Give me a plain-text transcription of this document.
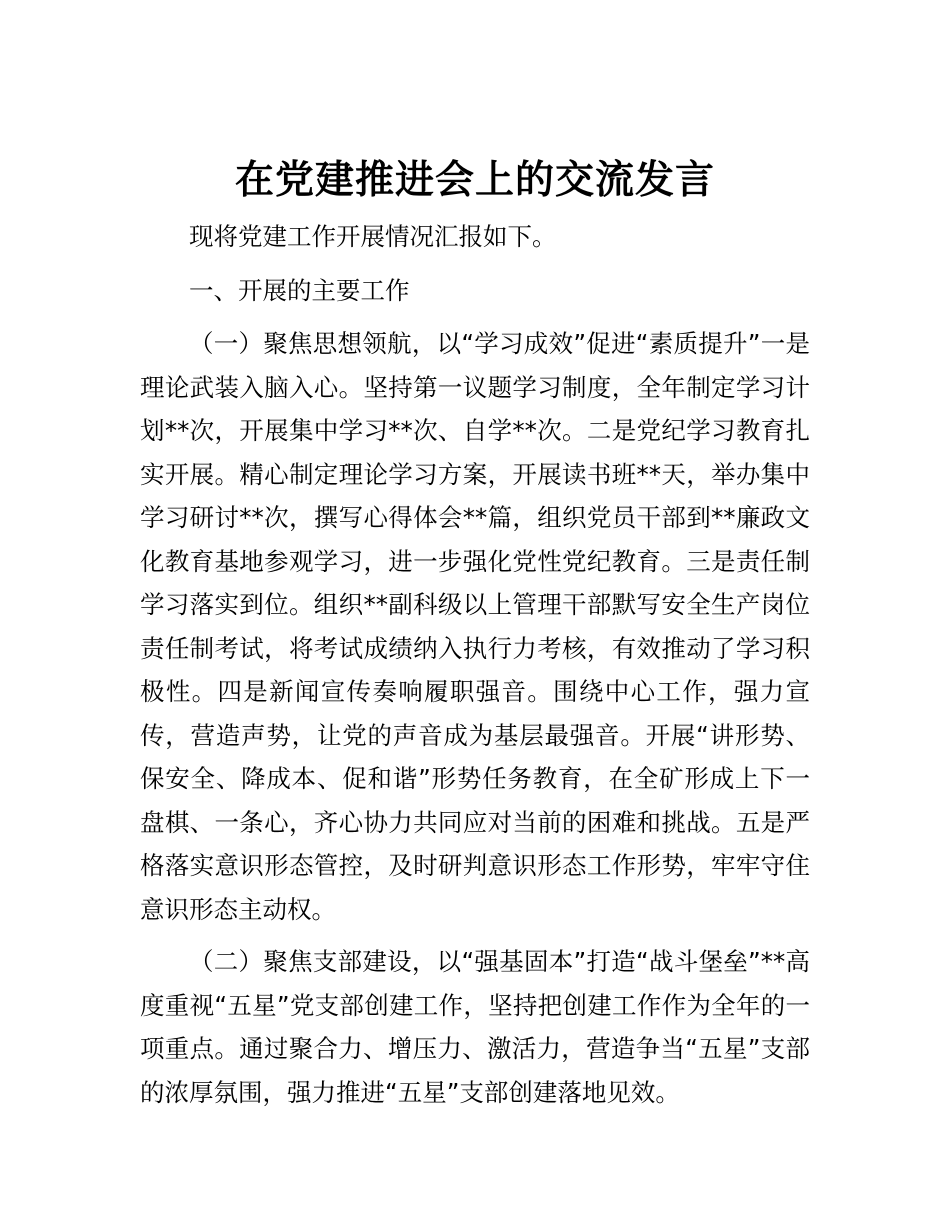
在党建推进会上的交流发言

现将党建工作开展情况汇报如下。

一、开展的主要工作

（一）聚焦思想领航，以“学习成效”促进“素质提升”一是理论武装入脑入心。坚持第一议题学习制度，全年制定学习计划**次，开展集中学习**次、自学**次。二是党纪学习教育扎实开展。精心制定理论学习方案，开展读书班**天，举办集中学习研讨**次，撰写心得体会**篇，组织党员干部到**廉政文化教育基地参观学习，进一步强化党性党纪教育。三是责任制学习落实到位。组织**副科级以上管理干部默写安全生产岗位责任制考试，将考试成绩纳入执行力考核，有效推动了学习积极性。四是新闻宣传奏响履职强音。围绕中心工作，强力宣传，营造声势，让党的声音成为基层最强音。开展“讲形势、保安全、降成本、促和谐”形势任务教育，在全矿形成上下一盘棋、一条心，齐心协力共同应对当前的困难和挑战。五是严格落实意识形态管控，及时研判意识形态工作形势，牢牢守住意识形态主动权。

（二）聚焦支部建设，以“强基固本”打造“战斗堡垒”**高度重视“五星”党支部创建工作，坚持把创建工作作为全年的一项重点。通过聚合力、增压力、激活力，营造争当“五星”支部的浓厚氛围，强力推进“五星”支部创建落地见效。
